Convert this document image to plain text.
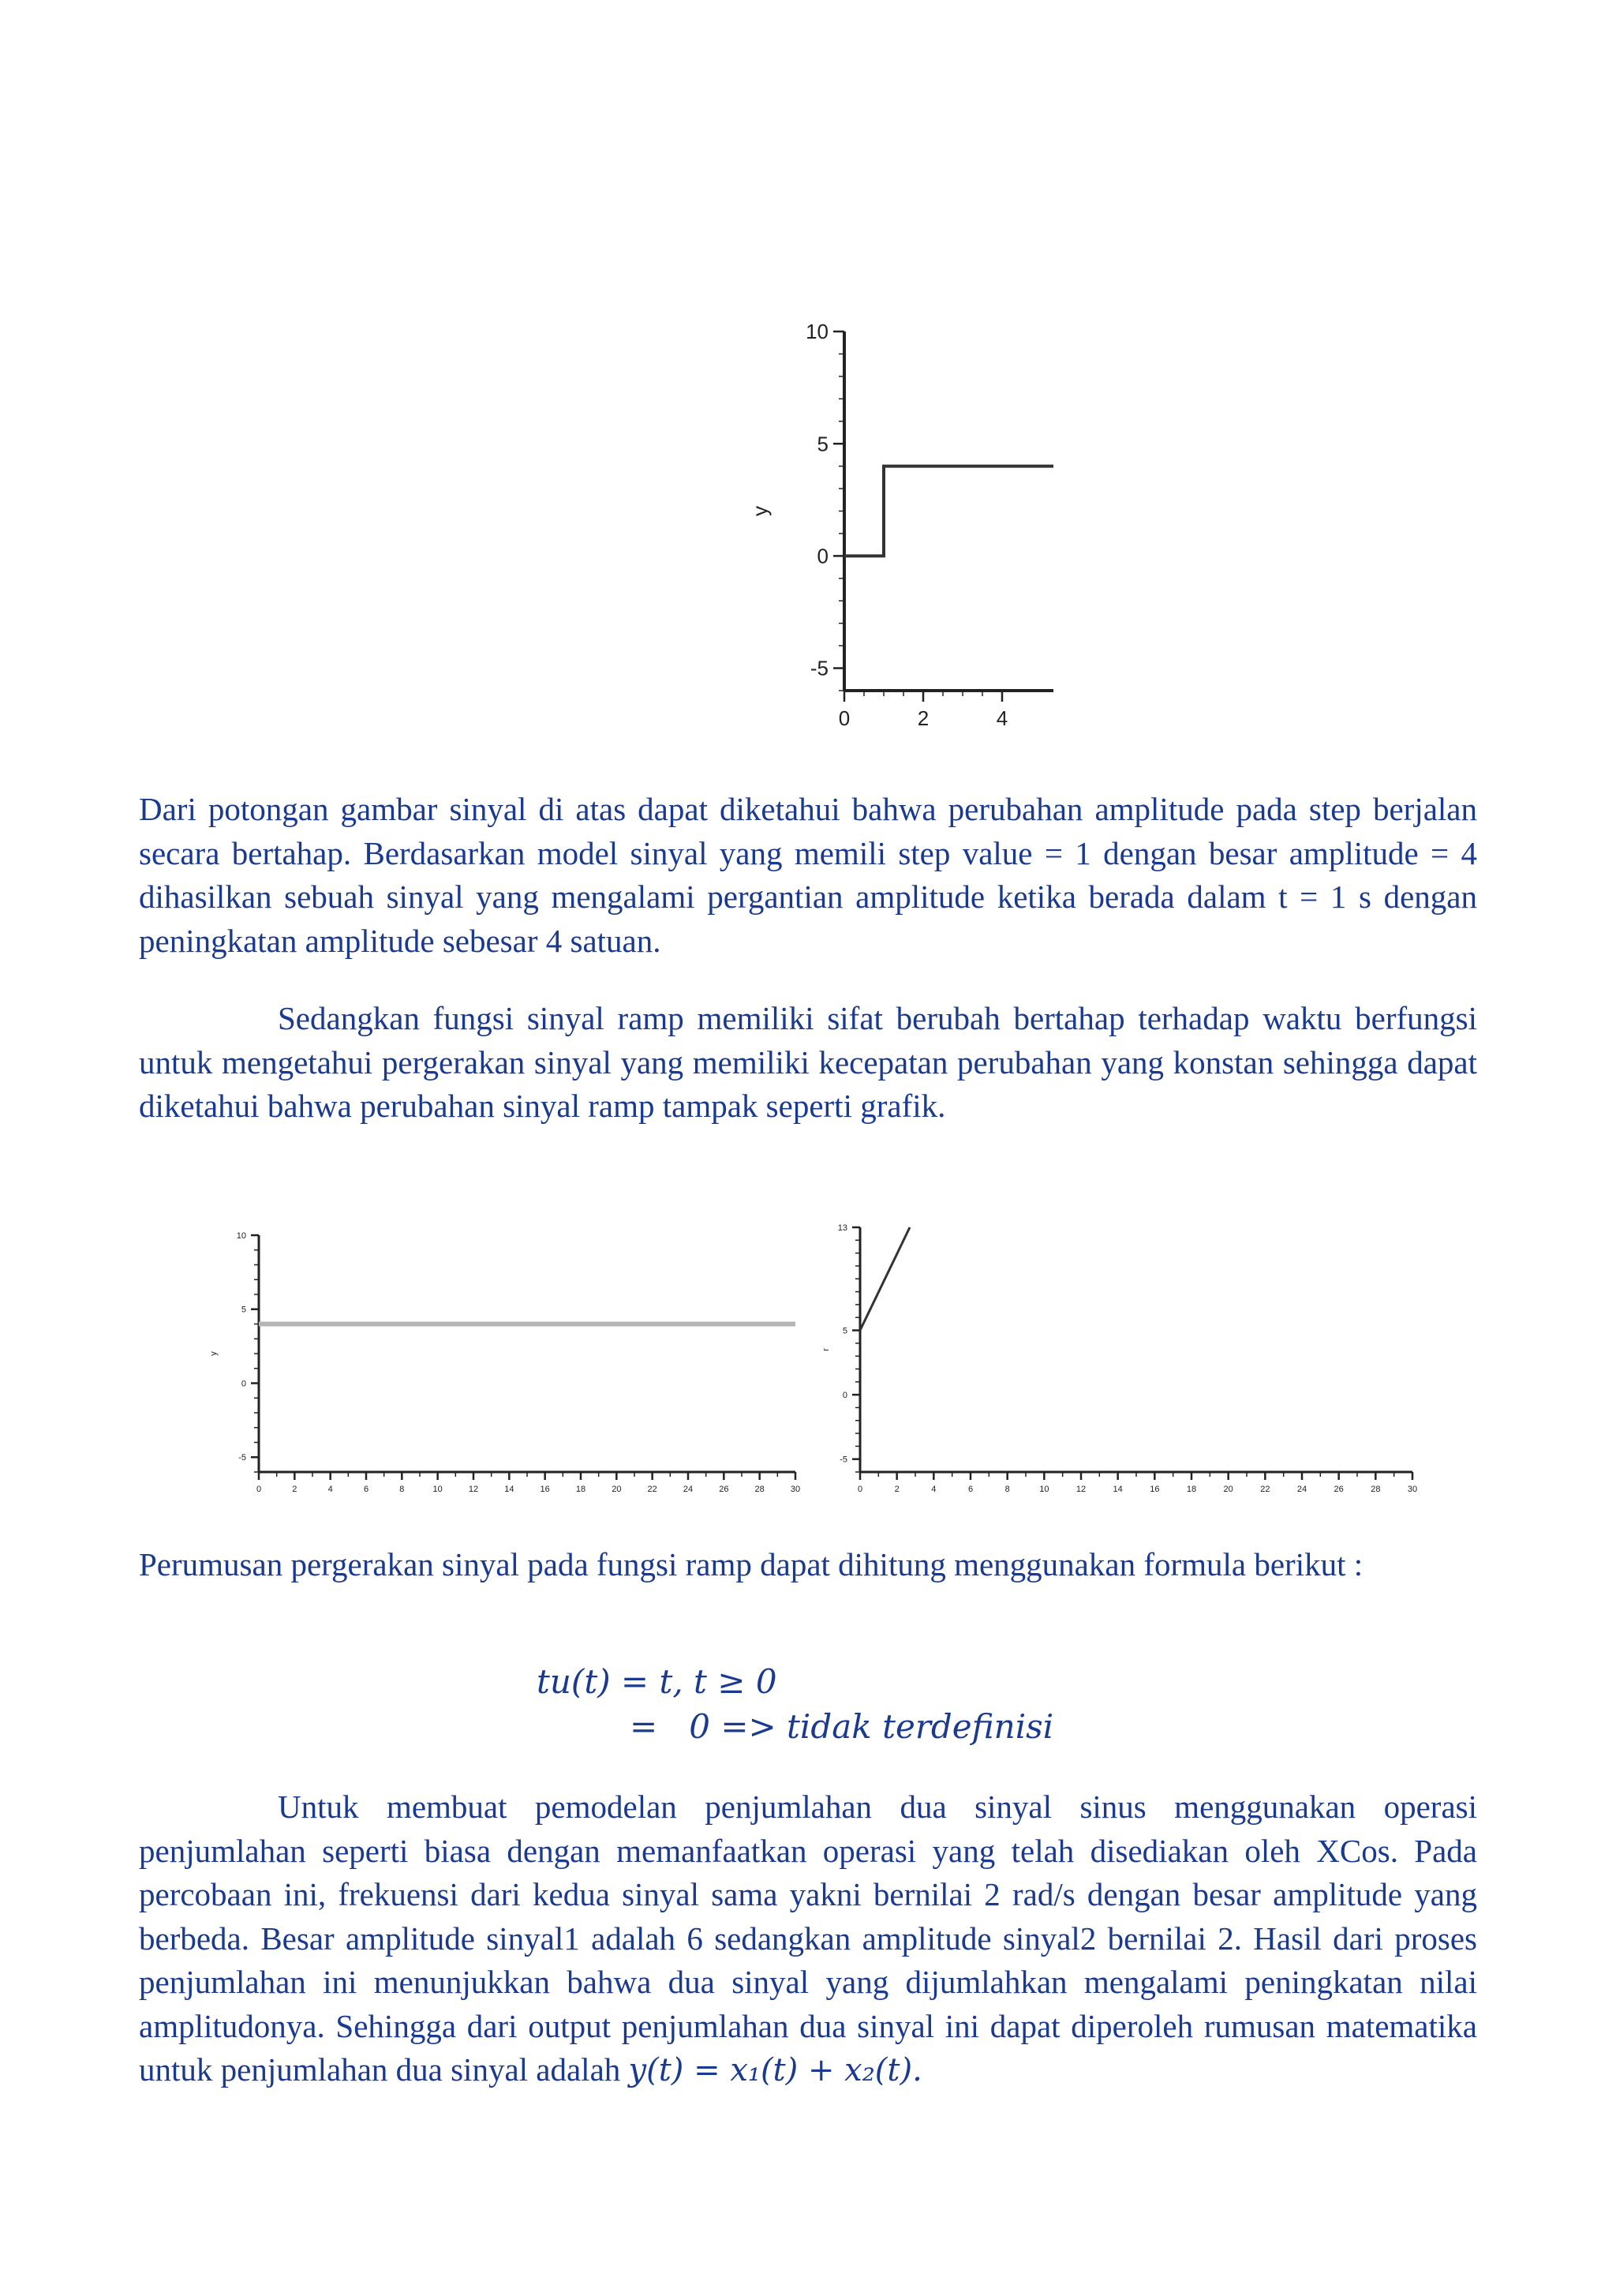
10
5
0
-5
0	2	4
y

Dari potongan gambar sinyal di atas dapat diketahui bahwa perubahan amplitude pada step berjalan secara bertahap. Berdasarkan model sinyal yang memili step value = 1 dengan besar amplitude = 4 dihasilkan sebuah sinyal yang mengalami pergantian amplitude ketika berada dalam t = 1 s dengan peningkatan amplitude sebesar 4 satuan.

Sedangkan fungsi sinyal ramp memiliki sifat berubah bertahap terhadap waktu berfungsi untuk mengetahui pergerakan sinyal yang memiliki kecepatan perubahan yang konstan sehingga dapat diketahui bahwa perubahan sinyal ramp tampak seperti grafik.

10
5
0
-5
0	2	4	6	8	10	12	14	16	18	20	22	24	26	28	30
y
13
5
0
-5
0	2	4	6	8	10	12	14	16	18	20	22	24	26	28	30
r

Perumusan pergerakan sinyal pada fungsi ramp dapat dihitung menggunakan formula berikut :

tu(t) = t, t ≥ 0
=   0 => tidak terdefinisi

Untuk membuat pemodelan penjumlahan dua sinyal sinus menggunakan operasi penjumlahan seperti biasa dengan memanfaatkan operasi yang telah disediakan oleh XCos. Pada percobaan ini, frekuensi dari kedua sinyal sama yakni bernilai 2 rad/s dengan besar amplitude yang berbeda. Besar amplitude sinyal1 adalah 6 sedangkan amplitude sinyal2 bernilai 2. Hasil dari proses penjumlahan ini menunjukkan bahwa dua sinyal yang dijumlahkan mengalami peningkatan nilai amplitudonya. Sehingga dari output penjumlahan dua sinyal ini dapat diperoleh rumusan matematika untuk penjumlahan dua sinyal adalah y(t) = x₁(t) + x₂(t).
